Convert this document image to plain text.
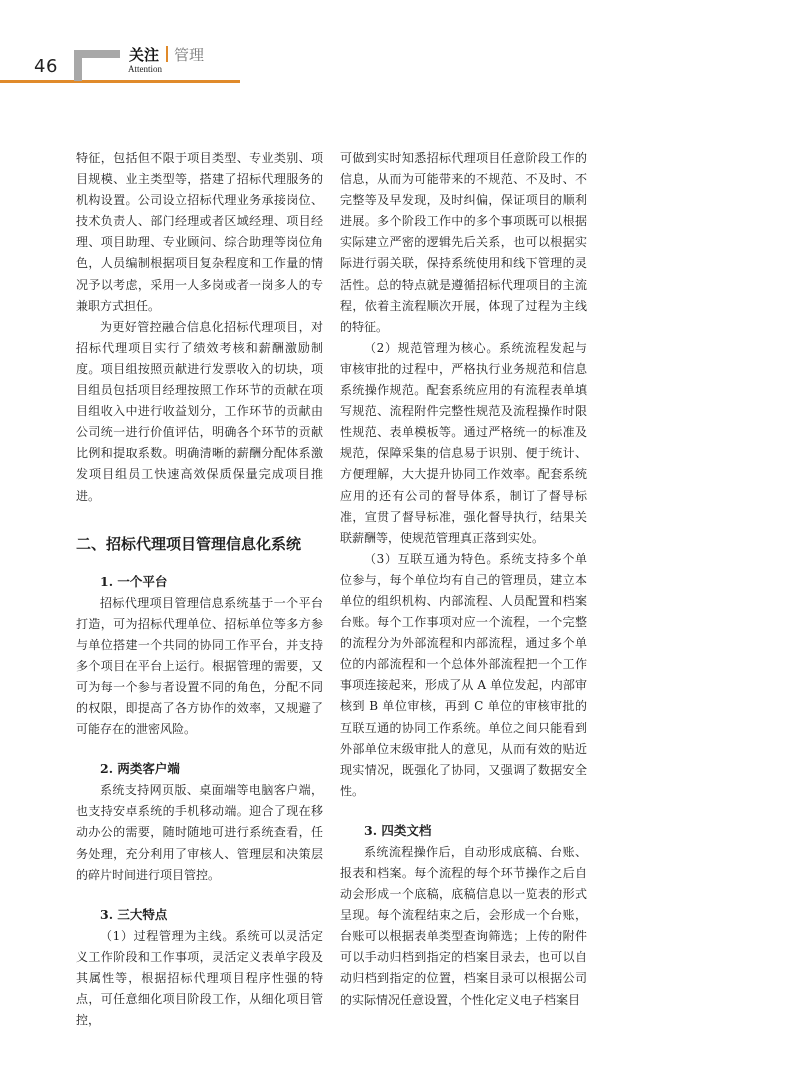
46
关注 管理
Attention

特征，包括但不限于项目类型、专业类别、项目规模、业主类型等，搭建了招标代理服务的机构设置。公司设立招标代理业务承接岗位、技术负责人、部门经理或者区域经理、项目经理、项目助理、专业顾问、综合助理等岗位角色，人员编制根据项目复杂程度和工作量的情况予以考虑，采用一人多岗或者一岗多人的专兼职方式担任。

为更好管控融合信息化招标代理项目，对招标代理项目实行了绩效考核和薪酬激励制度。项目组按照贡献进行发票收入的切块，项目组员包括项目经理按照工作环节的贡献在项目组收入中进行收益划分，工作环节的贡献由公司统一进行价值评估，明确各个环节的贡献比例和提取系数。明确清晰的薪酬分配体系激发项目组员工快速高效保质保量完成项目推进。

二、招标代理项目管理信息化系统
1. 一个平台

招标代理项目管理信息系统基于一个平台打造，可为招标代理单位、招标单位等多方参与单位搭建一个共同的协同工作平台，并支持多个项目在平台上运行。根据管理的需要，又可为每一个参与者设置不同的角色，分配不同的权限，即提高了各方协作的效率，又规避了可能存在的泄密风险。

2. 两类客户端

系统支持网页版、桌面端等电脑客户端，也支持安卓系统的手机移动端。迎合了现在移动办公的需要，随时随地可进行系统查看，任务处理，充分利用了审核人、管理层和决策层的碎片时间进行项目管控。

3. 三大特点

（1）过程管理为主线。系统可以灵活定义工作阶段和工作事项，灵活定义表单字段及其属性等，根据招标代理项目程序性强的特点，可任意细化项目阶段工作，从细化项目管控，

可做到实时知悉招标代理项目任意阶段工作的信息，从而为可能带来的不规范、不及时、不完整等及早发现，及时纠偏，保证项目的顺利进展。多个阶段工作中的多个事项既可以根据实际建立严密的逻辑先后关系，也可以根据实际进行弱关联，保持系统使用和线下管理的灵活性。总的特点就是遵循招标代理项目的主流程，依着主流程顺次开展，体现了过程为主线的特征。

（2）规范管理为核心。系统流程发起与审核审批的过程中，严格执行业务规范和信息系统操作规范。配套系统应用的有流程表单填写规范、流程附件完整性规范及流程操作时限性规范、表单模板等。通过严格统一的标准及规范，保障采集的信息易于识别、便于统计、方便理解，大大提升协同工作效率。配套系统应用的还有公司的督导体系，制订了督导标准，宣贯了督导标准，强化督导执行，结果关联薪酬等，使规范管理真正落到实处。

（3）互联互通为特色。系统支持多个单位参与，每个单位均有自己的管理员，建立本单位的组织机构、内部流程、人员配置和档案台账。每个工作事项对应一个流程，一个完整的流程分为外部流程和内部流程，通过多个单位的内部流程和一个总体外部流程把一个工作事项连接起来，形成了从 A 单位发起，内部审核到 B 单位审核，再到 C 单位的审核审批的互联互通的协同工作系统。单位之间只能看到外部单位末级审批人的意见，从而有效的贴近现实情况，既强化了协同，又强调了数据安全性。

3. 四类文档

系统流程操作后，自动形成底稿、台账、报表和档案。每个流程的每个环节操作之后自动会形成一个底稿，底稿信息以一览表的形式呈现。每个流程结束之后，会形成一个台账，台账可以根据表单类型查询筛选；上传的附件可以手动归档到指定的档案目录去，也可以自动归档到指定的位置，档案目录可以根据公司的实际情况任意设置，个性化定义电子档案目
